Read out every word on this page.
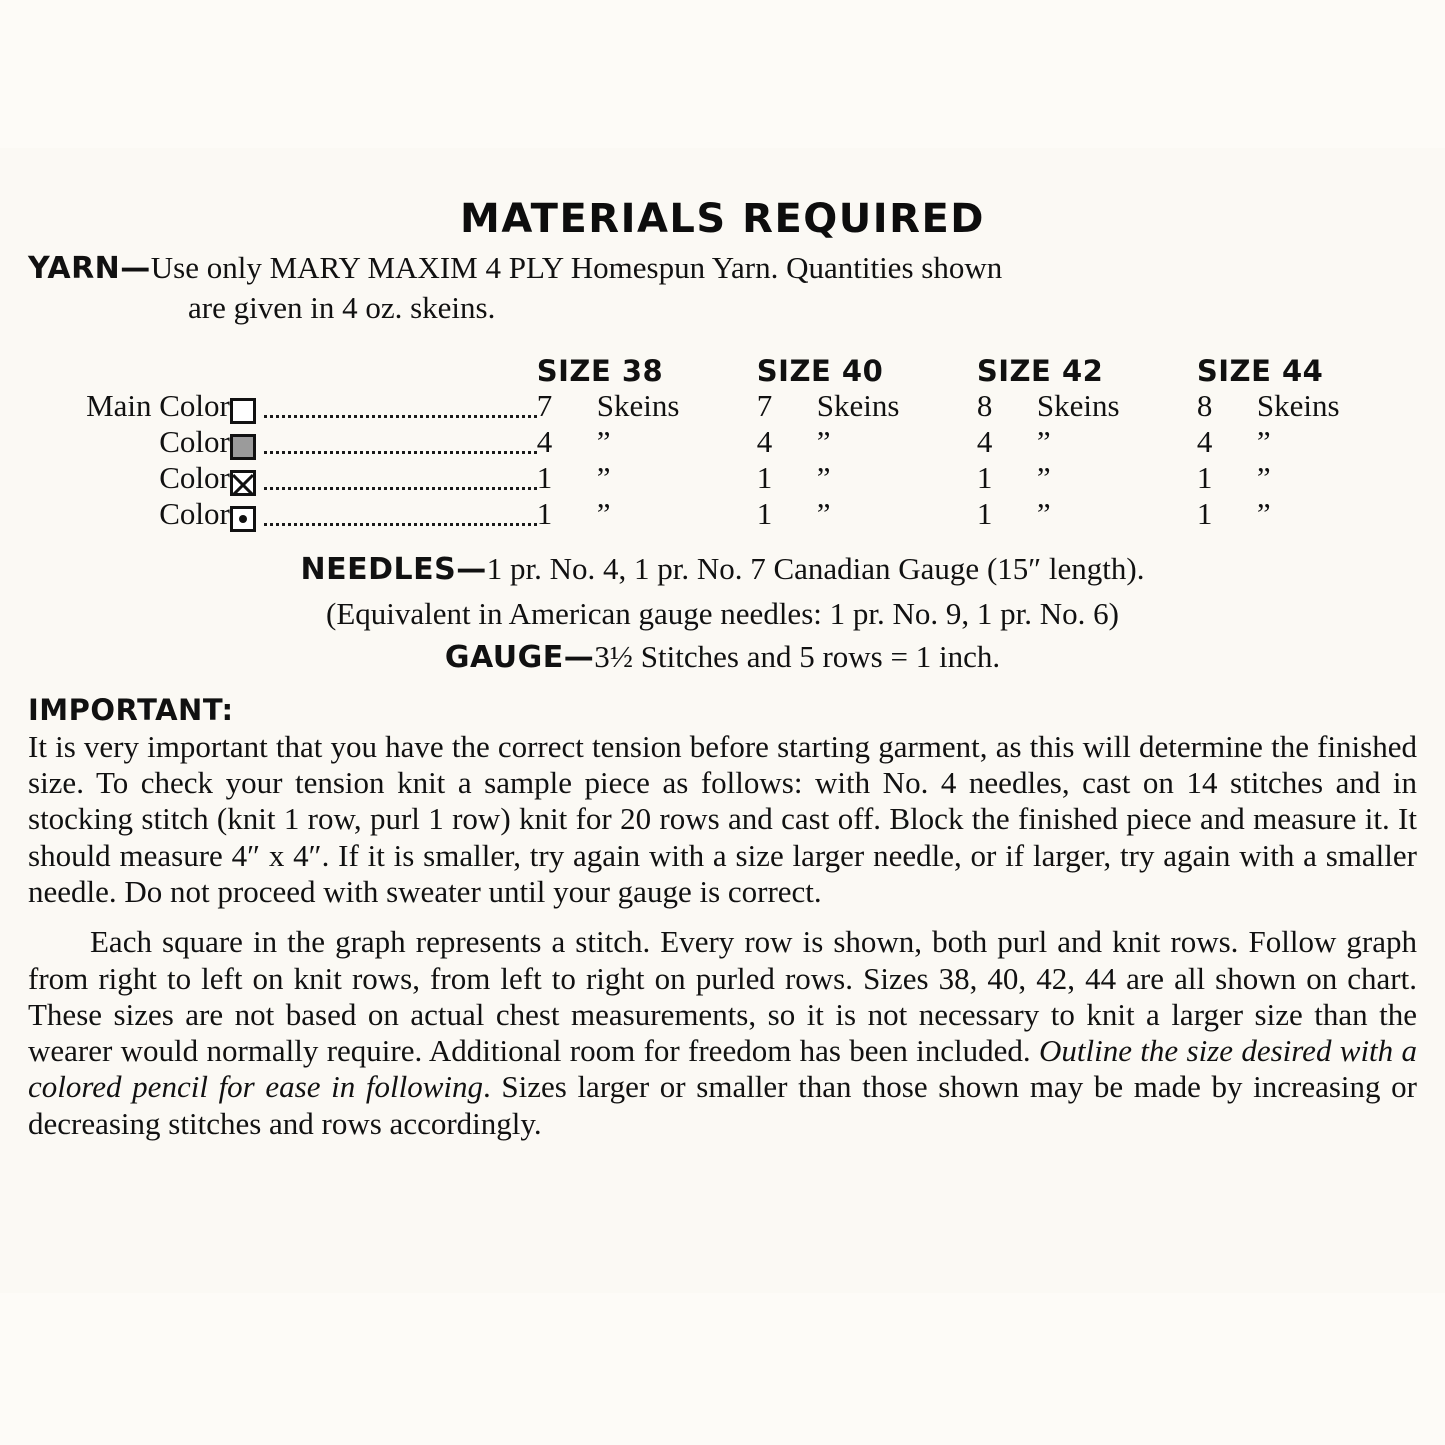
MATERIALS REQUIRED
YARN—Use only MARY MAXIM 4 PLY Homespun Yarn. Quantities shown
are given in 4 oz. skeins.
			SIZE 38	SIZE 40	SIZE 42	SIZE 44
Main Color			7 Skeins	7 Skeins	8 Skeins	8 Skeins
Color			4 ”	4 ”	4 ”	4 ”
Color			1 ”	1 ”	1 ”	1 ”
Color			1 ”	1 ”	1 ”	1 ”
NEEDLES—1 pr. No. 4, 1 pr. No. 7 Canadian Gauge (15″ length).
(Equivalent in American gauge needles: 1 pr. No. 9, 1 pr. No. 6)
GAUGE—3½ Stitches and 5 rows = 1 inch.
IMPORTANT:

It is very important that you have the correct tension before starting garment, as this will determine the finished size. To check your tension knit a sample piece as follows: with No. 4 needles, cast on 14 stitches and in stocking stitch (knit 1 row, purl 1 row) knit for 20 rows and cast off. Block the finished piece and measure it. It should measure 4″ x 4″. If it is smaller, try again with a size larger needle, or if larger, try again with a smaller needle. Do not proceed with sweater until your gauge is correct.

Each square in the graph represents a stitch. Every row is shown, both purl and knit rows. Follow graph from right to left on knit rows, from left to right on purled rows. Sizes 38, 40, 42, 44 are all shown on chart. These sizes are not based on actual chest measurements, so it is not necessary to knit a larger size than the wearer would normally require. Additional room for freedom has been included. Outline the size desired with a colored pencil for ease in following. Sizes larger or smaller than those shown may be made by increasing or decreasing stitches and rows accordingly.
